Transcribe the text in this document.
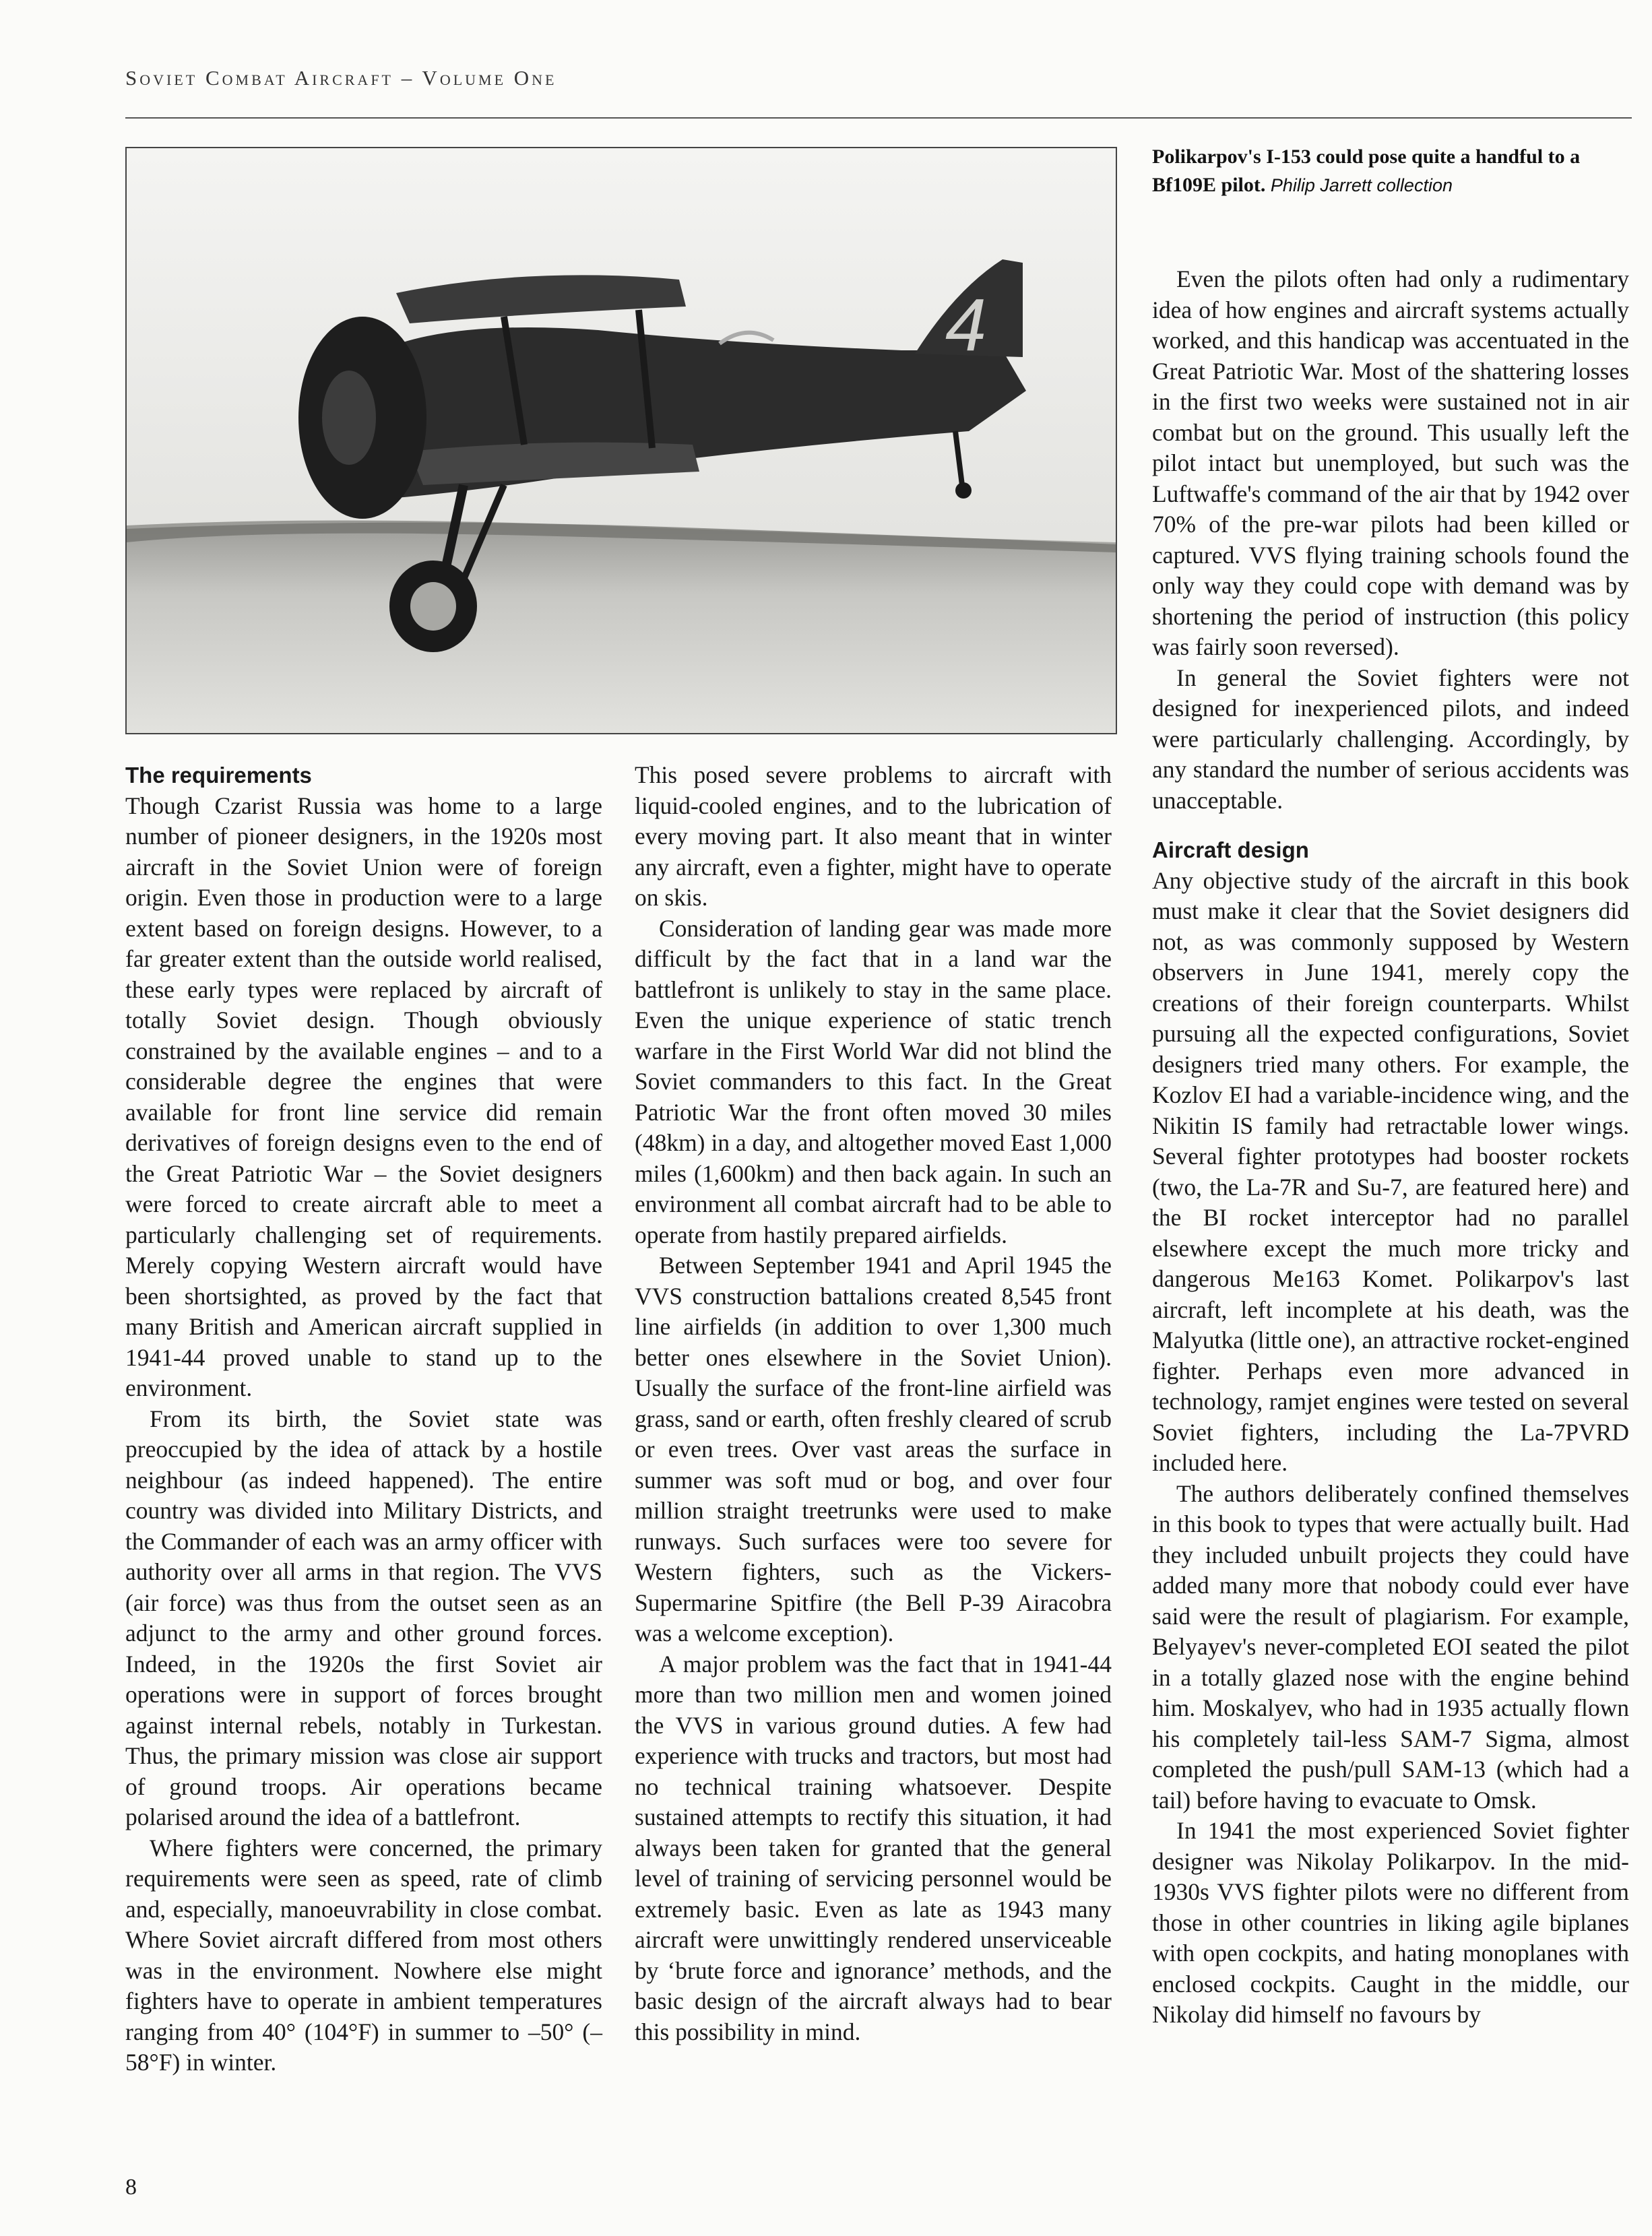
Soviet Combat Aircraft – Volume One
4
Polikarpov's I-153 could pose quite a handful to a Bf109E pilot. Philip Jarrett collection
The requirements

Though Czarist Russia was home to a large number of pioneer designers, in the 1920s most aircraft in the Soviet Union were of foreign origin. Even those in production were to a large extent based on foreign designs. However, to a far greater extent than the outside world realised, these early types were replaced by aircraft of totally Soviet design. Though obviously constrained by the available engines – and to a considerable degree the engines that were available for front line service did remain derivatives of foreign designs even to the end of the Great Patriotic War – the Soviet designers were forced to create aircraft able to meet a particularly challenging set of requirements. Merely copying Western aircraft would have been shortsighted, as proved by the fact that many British and American aircraft supplied in 1941-44 proved unable to stand up to the environment.

From its birth, the Soviet state was preoccupied by the idea of attack by a hostile neighbour (as indeed happened). The entire country was divided into Military Districts, and the Commander of each was an army officer with authority over all arms in that region. The VVS (air force) was thus from the outset seen as an adjunct to the army and other ground forces. Indeed, in the 1920s the first Soviet air operations were in support of forces brought against internal rebels, notably in Turkestan. Thus, the primary mission was close air support of ground troops. Air operations became polarised around the idea of a battlefront.

Where fighters were concerned, the primary requirements were seen as speed, rate of climb and, especially, manoeuvrability in close combat. Where Soviet aircraft differed from most others was in the environment. Nowhere else might fighters have to operate in ambient temperatures ranging from 40° (104°F) in summer to –50° (–58°F) in winter.

This posed severe problems to aircraft with liquid-cooled engines, and to the lubrication of every moving part. It also meant that in winter any aircraft, even a fighter, might have to operate on skis.

Consideration of landing gear was made more difficult by the fact that in a land war the battlefront is unlikely to stay in the same place. Even the unique experience of static trench warfare in the First World War did not blind the Soviet commanders to this fact. In the Great Patriotic War the front often moved 30 miles (48km) in a day, and altogether moved East 1,000 miles (1,600km) and then back again. In such an environment all combat aircraft had to be able to operate from hastily prepared airfields.

Between September 1941 and April 1945 the VVS construction battalions created 8,545 front line airfields (in addition to over 1,300 much better ones elsewhere in the Soviet Union). Usually the surface of the front-line airfield was grass, sand or earth, often freshly cleared of scrub or even trees. Over vast areas the surface in summer was soft mud or bog, and over four million straight treetrunks were used to make runways. Such surfaces were too severe for Western fighters, such as the Vickers-Supermarine Spitfire (the Bell P-39 Airacobra was a welcome exception).

A major problem was the fact that in 1941-44 more than two million men and women joined the VVS in various ground duties. A few had experience with trucks and tractors, but most had no technical training whatsoever. Despite sustained attempts to rectify this situation, it had always been taken for granted that the general level of training of servicing personnel would be extremely basic. Even as late as 1943 many aircraft were unwittingly rendered unserviceable by ‘brute force and ignorance’ methods, and the basic design of the aircraft always had to bear this possibility in mind.

Even the pilots often had only a rudimentary idea of how engines and aircraft systems actually worked, and this handicap was accentuated in the Great Patriotic War. Most of the shattering losses in the first two weeks were sustained not in air combat but on the ground. This usually left the pilot intact but unemployed, but such was the Luftwaffe's command of the air that by 1942 over 70% of the pre-war pilots had been killed or captured. VVS flying training schools found the only way they could cope with demand was by shortening the period of instruction (this policy was fairly soon reversed).

In general the Soviet fighters were not designed for inexperienced pilots, and indeed were particularly challenging. Accordingly, by any standard the number of serious accidents was unacceptable.

Aircraft design

Any objective study of the aircraft in this book must make it clear that the Soviet designers did not, as was commonly supposed by Western observers in June 1941, merely copy the creations of their foreign counterparts. Whilst pursuing all the expected configurations, Soviet designers tried many others. For example, the Kozlov EI had a variable-incidence wing, and the Nikitin IS family had retractable lower wings. Several fighter prototypes had booster rockets (two, the La-7R and Su-7, are featured here) and the BI rocket interceptor had no parallel elsewhere except the much more tricky and dangerous Me163 Komet. Polikarpov's last aircraft, left incomplete at his death, was the Malyutka (little one), an attractive rocket-engined fighter. Perhaps even more advanced in technology, ramjet engines were tested on several Soviet fighters, including the La-7PVRD included here.

The authors deliberately confined themselves in this book to types that were actually built. Had they included unbuilt projects they could have added many more that nobody could ever have said were the result of plagiarism. For example, Belyayev's never-completed EOI seated the pilot in a totally glazed nose with the engine behind him. Moskalyev, who had in 1935 actually flown his completely tail-less SAM-7 Sigma, almost completed the push/pull SAM-13 (which had a tail) before having to evacuate to Omsk.

In 1941 the most experienced Soviet fighter designer was Nikolay Polikarpov. In the mid-1930s VVS fighter pilots were no different from those in other countries in liking agile biplanes with open cockpits, and hating monoplanes with enclosed cockpits. Caught in the middle, our Nikolay did himself no favours by

8
